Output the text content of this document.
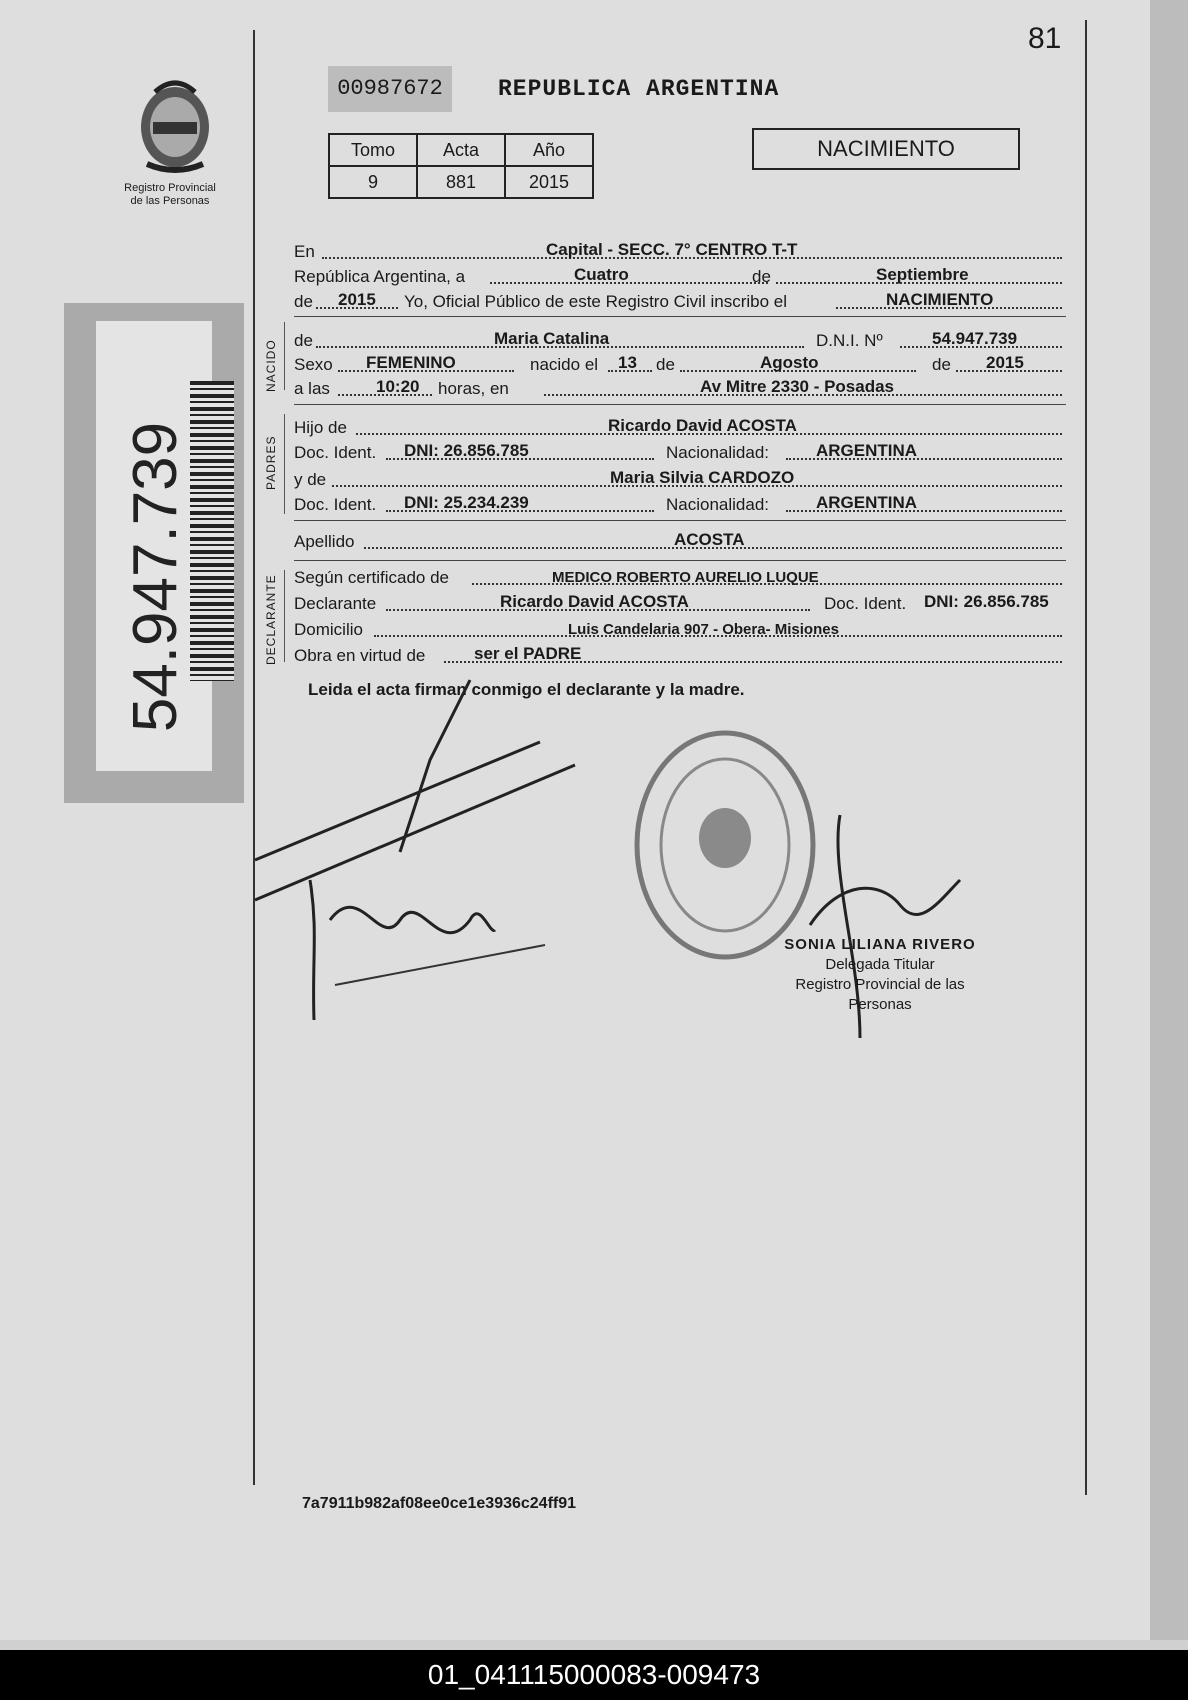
81
00987672	REPUBLICA ARGENTINA
Tomo	Acta	Año
9	881	2015
NACIMIENTO
Registro Provincial
de las Personas
54.947.739
NACIDO
PADRES
DECLARANTE
En	Capital - SECC. 7° CENTRO T-T
República Argentina, a	Cuatro	de	Septiembre
de 2015 Yo, Oficial Público de este Registro Civil inscribo el	NACIMIENTO
de	Maria Catalina	D.N.I. Nº	54.947.739
Sexo FEMENINO	nacido el 13 de	Agosto	de 2015
a las	10:20 horas, en	Av Mitre 2330 - Posadas
Hijo de	Ricardo David ACOSTA
Doc. Ident. DNI: 26.856.785	Nacionalidad:	ARGENTINA
y de	Maria Silvia CARDOZO
Doc. Ident. DNI: 25.234.239	Nacionalidad:	ARGENTINA
Apellido	ACOSTA
Según certificado de	MEDICO ROBERTO AURELIO LUQUE
Declarante	Ricardo David ACOSTA	Doc. Ident. DNI: 26.856.785
Domicilio	Luis Candelaria 907 - Obera- Misiones
Obra en virtud de	ser el PADRE
Leida el acta firman conmigo el declarante y la madre.
SONIA LILIANA RIVERO
Delegada Titular
Registro Provincial de las Personas
7a7911b982af08ee0ce1e3936c24ff91
01_041115000083-009473
